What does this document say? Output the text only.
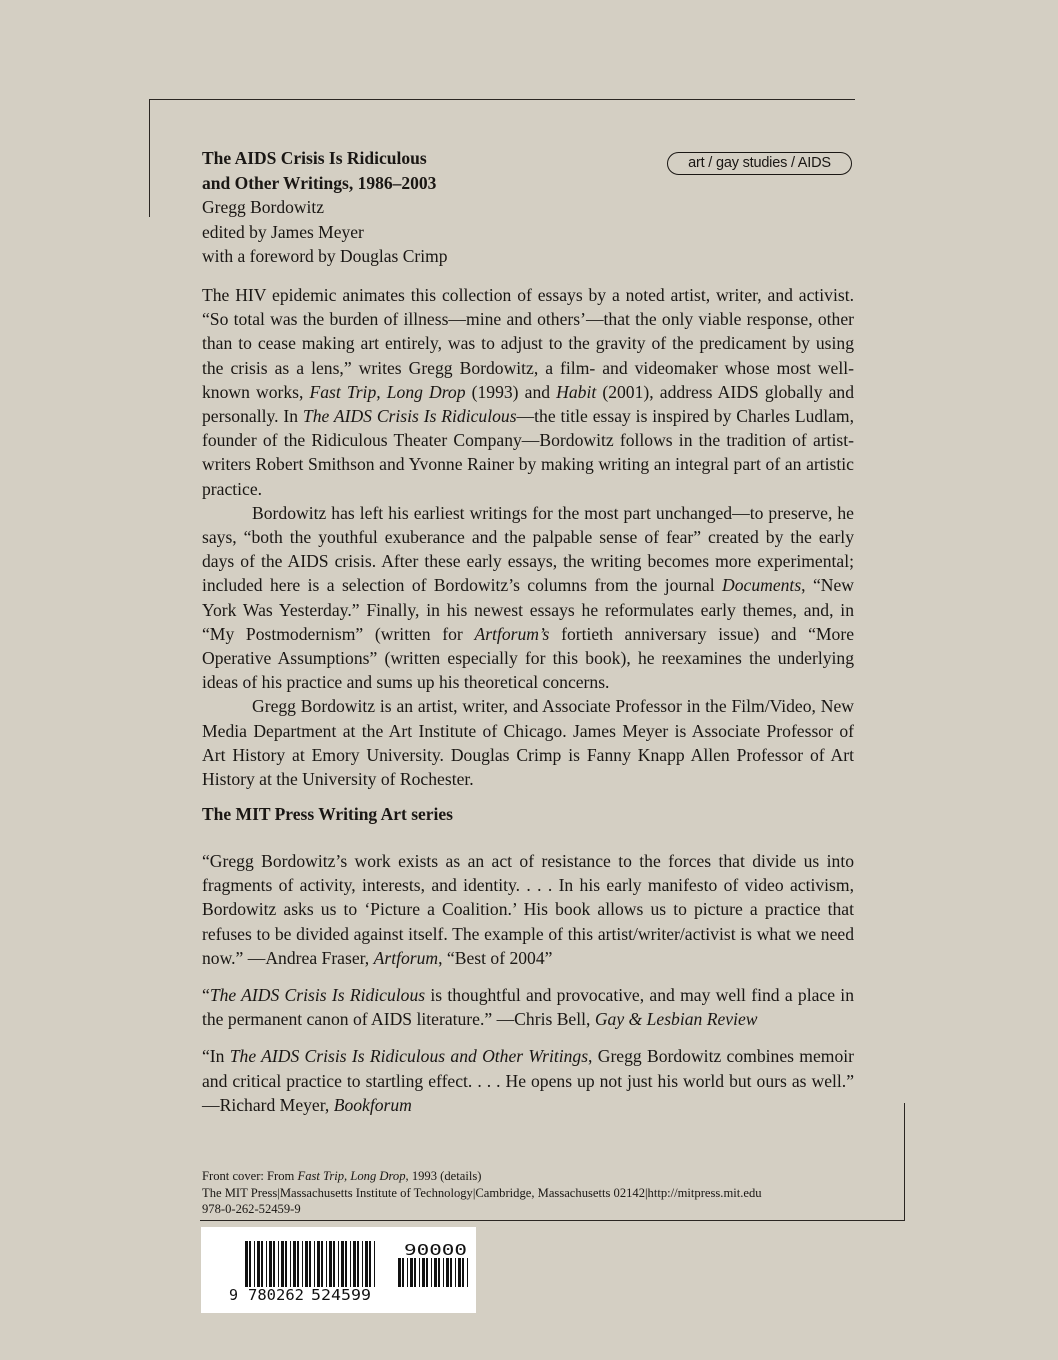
The AIDS Crisis Is Ridiculous
and Other Writings, 1986–2003
Gregg Bordowitz
edited by James Meyer
with a foreword by Douglas Crimp
art / gay studies / AIDS

The HIV epidemic animates this collection of essays by a noted artist, writer, and activist. “So total was the burden of illness—mine and others’—that the only viable response, other than to cease making art entirely, was to adjust to the gravity of the predicament by using the crisis as a lens,” writes Gregg Bordowitz, a film- and videomaker whose most well-known works, Fast Trip, Long Drop (1993) and Habit (2001), address AIDS globally and personally. In The AIDS Crisis Is Ridiculous—the title essay is inspired by Charles Ludlam, founder of the Ridiculous Theater Company—Bordowitz follows in the tradition of artist-writers Robert Smithson and Yvonne Rainer by making writing an integral part of an artistic practice.

Bordowitz has left his earliest writings for the most part unchanged—to preserve, he says, “both the youthful exuberance and the palpable sense of fear” created by the early days of the AIDS crisis. After these early essays, the writing becomes more experimental; included here is a selection of Bordowitz’s columns from the journal Documents, “New York Was Yesterday.” Finally, in his newest essays he reformulates early themes, and, in “My Postmodernism” (written for Artforum’s fortieth anniversary issue) and “More Operative Assumptions” (written especially for this book), he reexamines the underlying ideas of his practice and sums up his theoretical concerns.

Gregg Bordowitz is an artist, writer, and Associate Professor in the Film/Video, New Media Department at the Art Institute of Chicago. James Meyer is Associate Professor of Art History at Emory University. Douglas Crimp is Fanny Knapp Allen Professor of Art History at the University of Rochester.

The MIT Press Writing Art series

“Gregg Bordowitz’s work exists as an act of resistance to the forces that divide us into fragments of activity, interests, and identity. . . . In his early manifesto of video activism, Bordowitz asks us to ‘Picture a Coalition.’ His book allows us to picture a practice that refuses to be divided against itself. The example of this artist/writer/activist is what we need now.” —Andrea Fraser, Artforum, “Best of 2004”

“The AIDS Crisis Is Ridiculous is thoughtful and provocative, and may well find a place in the permanent canon of AIDS literature.” —Chris Bell, Gay & Lesbian Review

“In The AIDS Crisis Is Ridiculous and Other Writings, Gregg Bordowitz combines memoir and critical practice to startling effect. . . . He opens up not just his world but ours as well.” —Richard Meyer, Bookforum

Front cover: From Fast Trip, Long Drop, 1993 (details)
The MIT Press|Massachusetts Institute of Technology|Cambridge, Massachusetts 02142|http://mitpress.mit.edu
978-0-262-52459-9
9 780262 524599
90000
